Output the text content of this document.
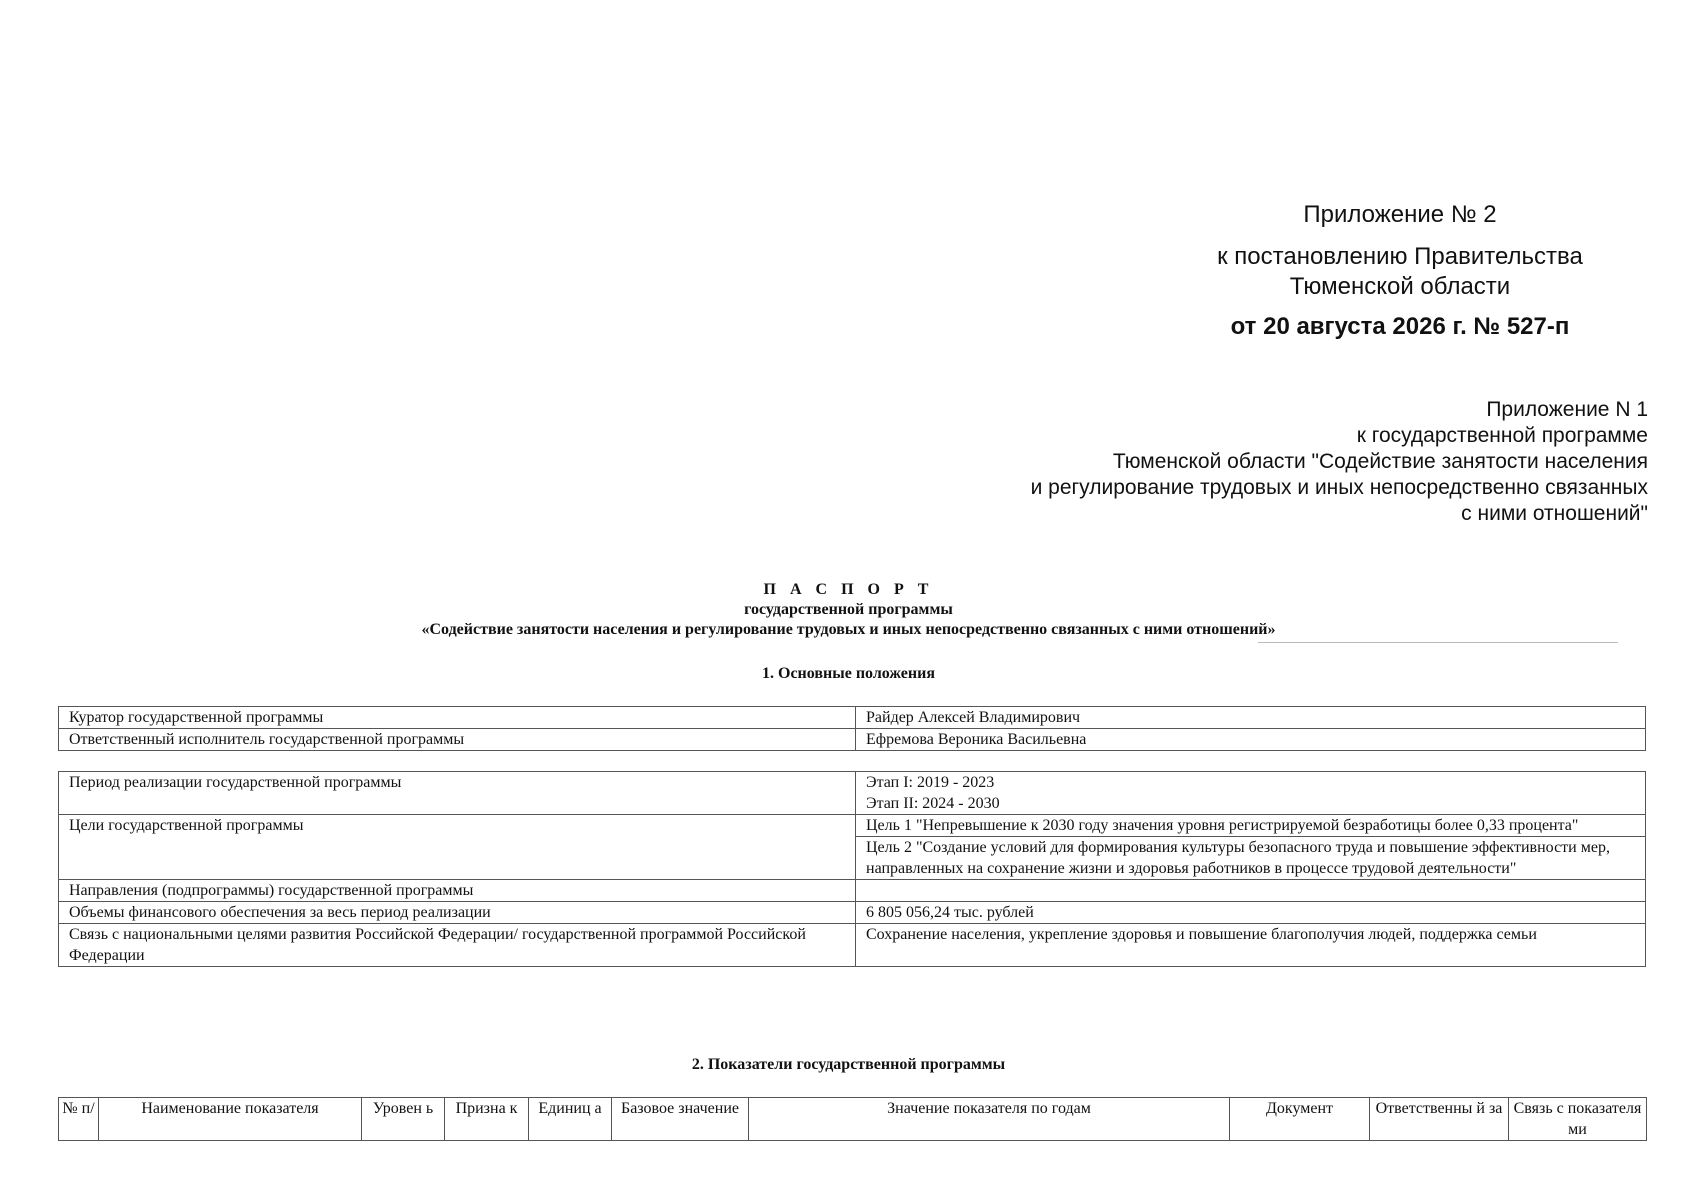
Приложение № 2
к постановлению Правительства
Тюменской области
от 20 августа 2026 г. № 527-п
Приложение N 1
к государственной программе
Тюменской области "Содействие занятости населения
и регулирование трудовых и иных непосредственно связанных
с ними отношений"
П А С П О Р Т
государственной программы
«Содействие занятости населения и регулирование трудовых и иных непосредственно связанных с ними отношений»
1. Основные положения
Куратор государственной программы	Райдер Алексей Владимирович
Ответственный исполнитель государственной программы	Ефремова Вероника Васильевна
Период реализации государственной программы	Этап I: 2019 - 2023
Этап II: 2024 - 2030

Цели государственной программы	Цель 1 "Непревышение к 2030 году значения уровня регистрируемой безработицы более 0,33 процента"
	Цель 2 "Создание условий для формирования культуры безопасного труда и повышение эффективности мер, направленных на сохранение жизни и здоровья работников в процессе трудовой деятельности"
Направления (подпрограммы) государственной программы	
Объемы финансового обеспечения за весь период реализации	6 805 056,24 тыс. рублей
Связь с национальными целями развития Российской Федерации/ государственной программой Российской Федерации	Сохранение населения, укрепление здоровья и повышение благополучия людей, поддержка семьи
2. Показатели государственной программы
№ п/	Наименование показателя	Уровен ь	Призна к	Единиц а	Базовое значение	Значение показателя по годам	Документ	Ответственны й за	Связь с показателями
